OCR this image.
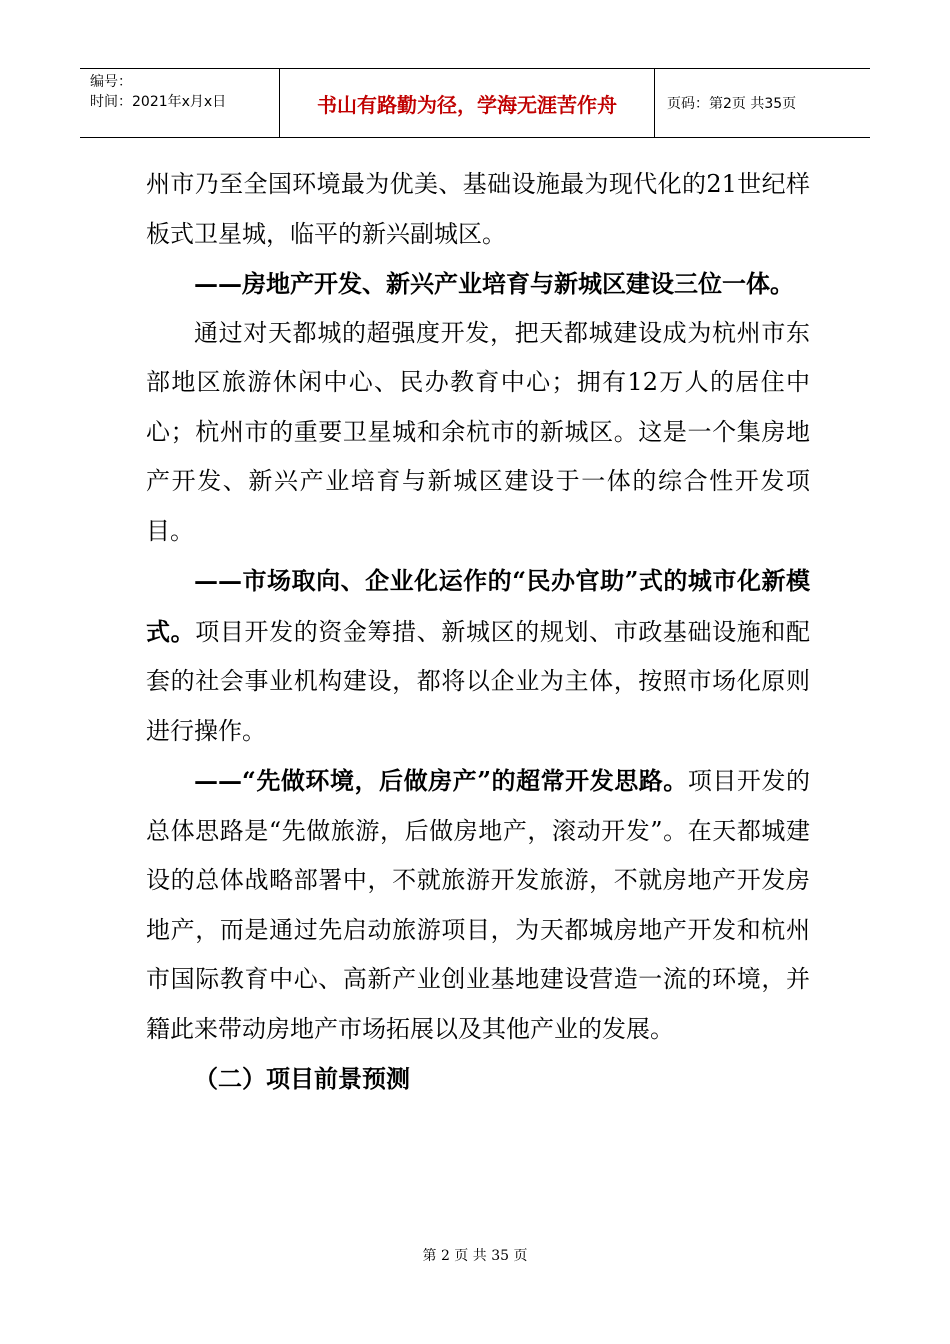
编号：
时间：2021年x月x日	书山有路勤为径，学海无涯苦作舟	页码：第2页 共35页

州市乃至全国环境最为优美、基础设施最为现代化的21世纪样板式卫星城，临平的新兴副城区。

——房地产开发、新兴产业培育与新城区建设三位一体。

通过对天都城的超强度开发，把天都城建设成为杭州市东部地区旅游休闲中心、民办教育中心；拥有12万人的居住中心；杭州市的重要卫星城和余杭市的新城区。这是一个集房地产开发、新兴产业培育与新城区建设于一体的综合性开发项目。

——市场取向、企业化运作的“民办官助”式的城市化新模式。项目开发的资金筹措、新城区的规划、市政基础设施和配套的社会事业机构建设，都将以企业为主体，按照市场化原则进行操作。

——“先做环境，后做房产”的超常开发思路。项目开发的总体思路是“先做旅游，后做房地产，滚动开发”。在天都城建设的总体战略部署中，不就旅游开发旅游，不就房地产开发房地产，而是通过先启动旅游项目，为天都城房地产开发和杭州市国际教育中心、高新产业创业基地建设营造一流的环境，并籍此来带动房地产市场拓展以及其他产业的发展。

（二）项目前景预测

第 2 页 共 35 页
